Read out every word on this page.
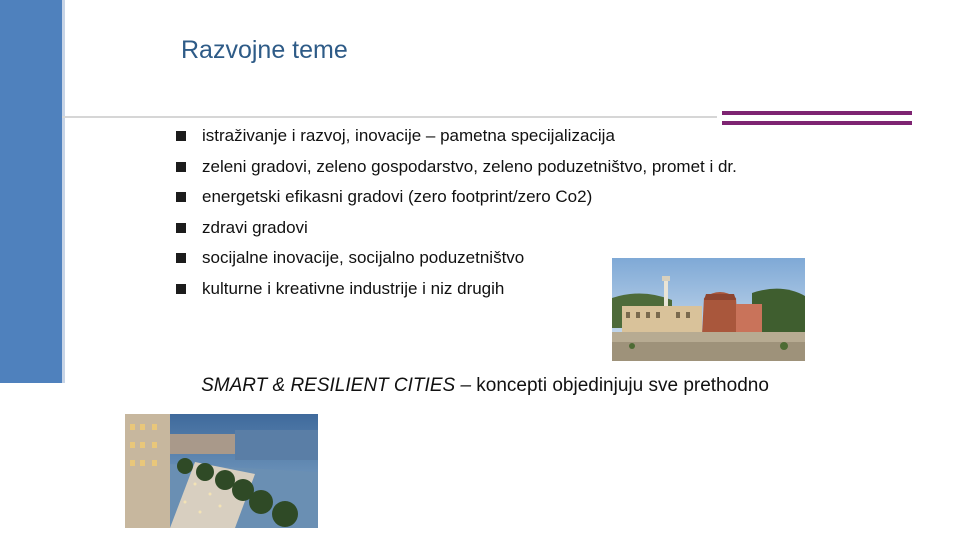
Razvojne teme
istraživanje i razvoj, inovacije – pametna specijalizacija
zeleni gradovi, zeleno gospodarstvo, zeleno poduzetništvo, promet i dr.
energetski efikasni gradovi (zero footprint/zero Co2)
zdravi gradovi
socijalne inovacije, socijalno poduzetništvo
kulturne i kreativne industrije i niz drugih
SMART & RESILIENT CITIES – koncepti objedinjuju sve prethodno
